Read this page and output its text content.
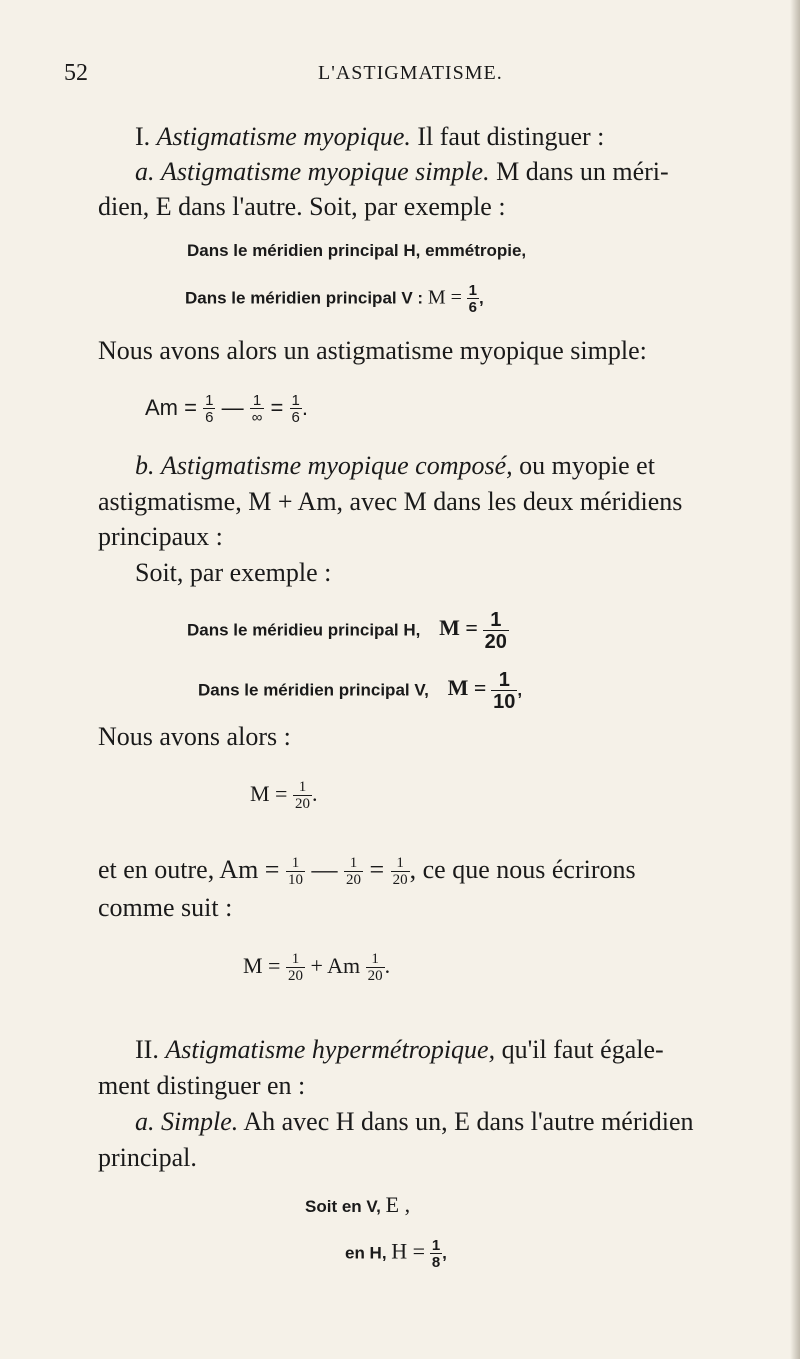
52	L'ASTIGMATISME.
I. Astigmatisme myopique. Il faut distinguer :
a. Astigmatisme myopique simple. M dans un méri-
dien, E dans l'autre. Soit, par exemple :
Dans le méridien principal H, emmétropie,
Dans le méridien principal V : $M = \frac{1}{6}$ ,
Nous avons alors un astigmatisme myopique simple:
$Am = \frac{1}{6}$ — $\frac{1}{\infty} = \frac{1}{6}$ .
b. Astigmatisme myopique composé, ou myopie et
astigmatisme, M + Am, avec M dans les deux méridiens
principaux :
Soit, par exemple :
Dans le méridieu principal H, $M = \frac{1}{20}$
Dans le méridien principal V, $M = \frac{1}{10}$ ,
Nous avons alors :
$M = \frac{1}{20}$ .
et en outre, $Am = \frac{1}{10}$ — $\frac{1}{20} = \frac{1}{20}$ , ce que nous écrirons
comme suit :
$M = \frac{1}{20} + Am \frac{1}{20}$ .
II. Astigmatisme hypermétropique, qu'il faut égale-
ment distinguer en :
a. Simple. Ah avec H dans un, E dans l'autre méridien
principal.
Soit en V, E ,
en H, $H = \frac{1}{8}$ ,
